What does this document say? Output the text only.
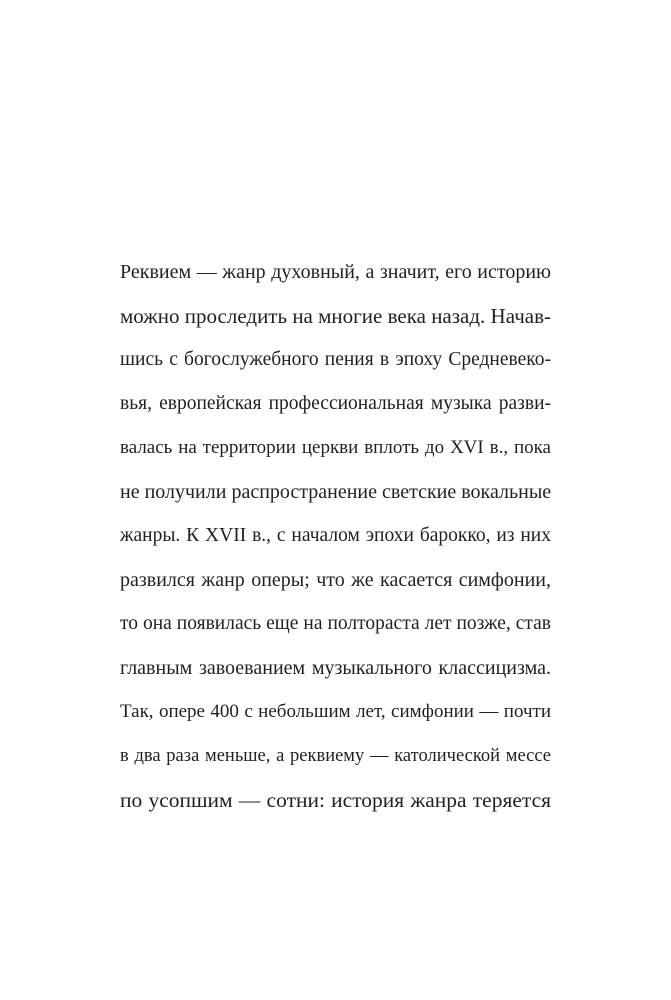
Реквием — жанр духовный, а значит, его историю
можно проследить на многие века назад. Начав-
шись с богослужебного пения в эпоху Средневеко-
вья, европейская профессиональная музыка разви-
валась на территории церкви вплоть до XVI в., пока
не получили распространение светские вокальные
жанры. К XVII в., с началом эпохи барокко, из них
развился жанр оперы; что же касается симфонии,
то она появилась еще на полтораста лет позже, став
главным завоеванием музыкального классицизма.
Так, опере 400 с небольшим лет, симфонии — почти
в два раза меньше, а реквиему — католической мессе
по усопшим — сотни: история жанра теряется
